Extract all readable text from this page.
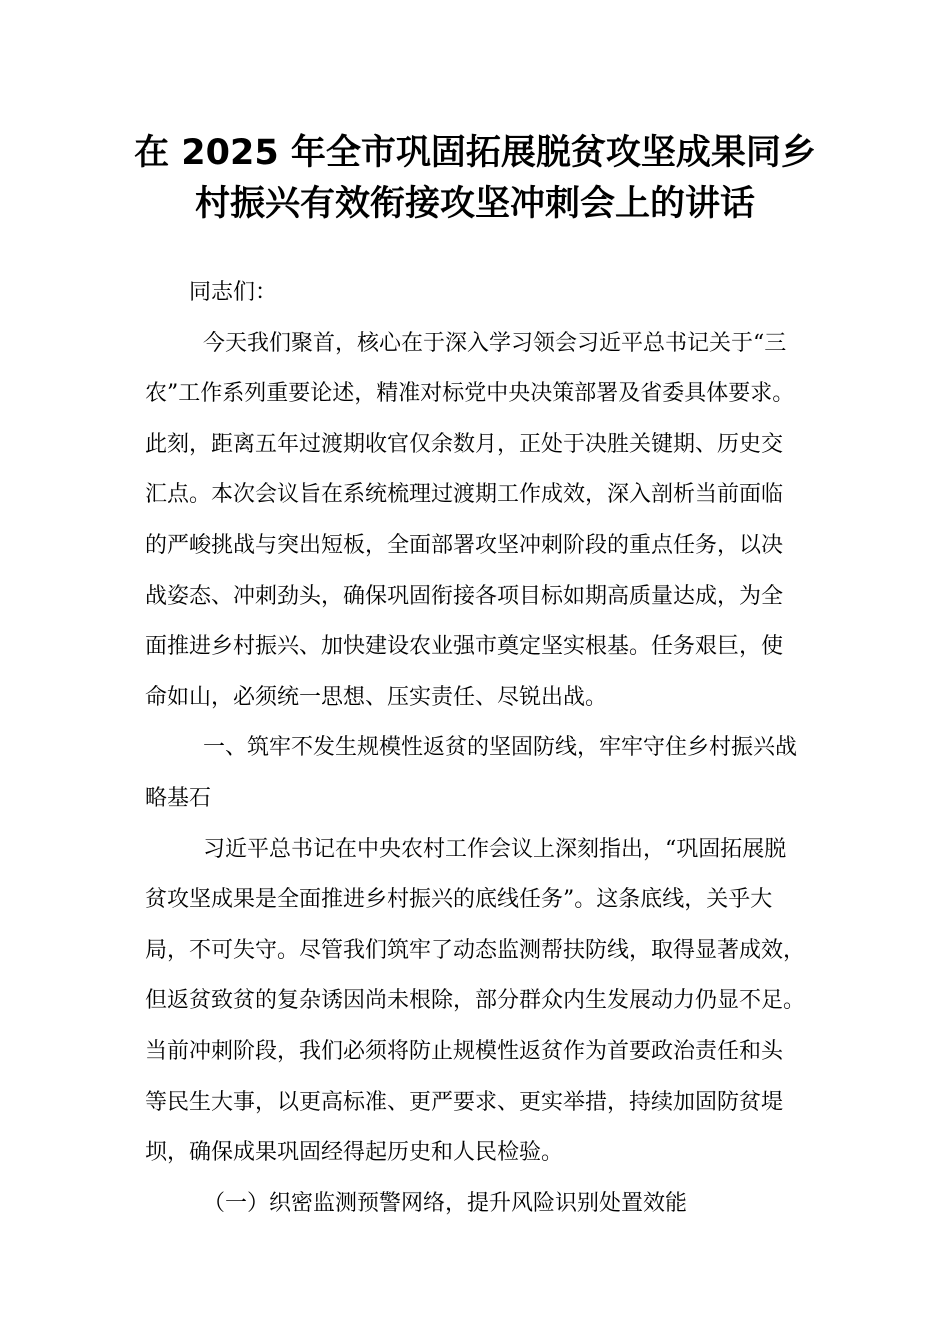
在 2025 年全市巩固拓展脱贫攻坚成果同乡
村振兴有效衔接攻坚冲刺会上的讲话
同志们：
今天我们聚首，核心在于深入学习领会习近平总书记关于“三
农”工作系列重要论述，精准对标党中央决策部署及省委具体要求。
此刻，距离五年过渡期收官仅余数月，正处于决胜关键期、历史交
汇点。本次会议旨在系统梳理过渡期工作成效，深入剖析当前面临
的严峻挑战与突出短板，全面部署攻坚冲刺阶段的重点任务，以决
战姿态、冲刺劲头，确保巩固衔接各项目标如期高质量达成，为全
面推进乡村振兴、加快建设农业强市奠定坚实根基。任务艰巨，使
命如山，必须统一思想、压实责任、尽锐出战。
一、筑牢不发生规模性返贫的坚固防线，牢牢守住乡村振兴战
略基石
习近平总书记在中央农村工作会议上深刻指出，“巩固拓展脱
贫攻坚成果是全面推进乡村振兴的底线任务”。这条底线，关乎大
局，不可失守。尽管我们筑牢了动态监测帮扶防线，取得显著成效，
但返贫致贫的复杂诱因尚未根除，部分群众内生发展动力仍显不足。
当前冲刺阶段，我们必须将防止规模性返贫作为首要政治责任和头
等民生大事，以更高标准、更严要求、更实举措，持续加固防贫堤
坝，确保成果巩固经得起历史和人民检验。
（一）织密监测预警网络，提升风险识别处置效能
